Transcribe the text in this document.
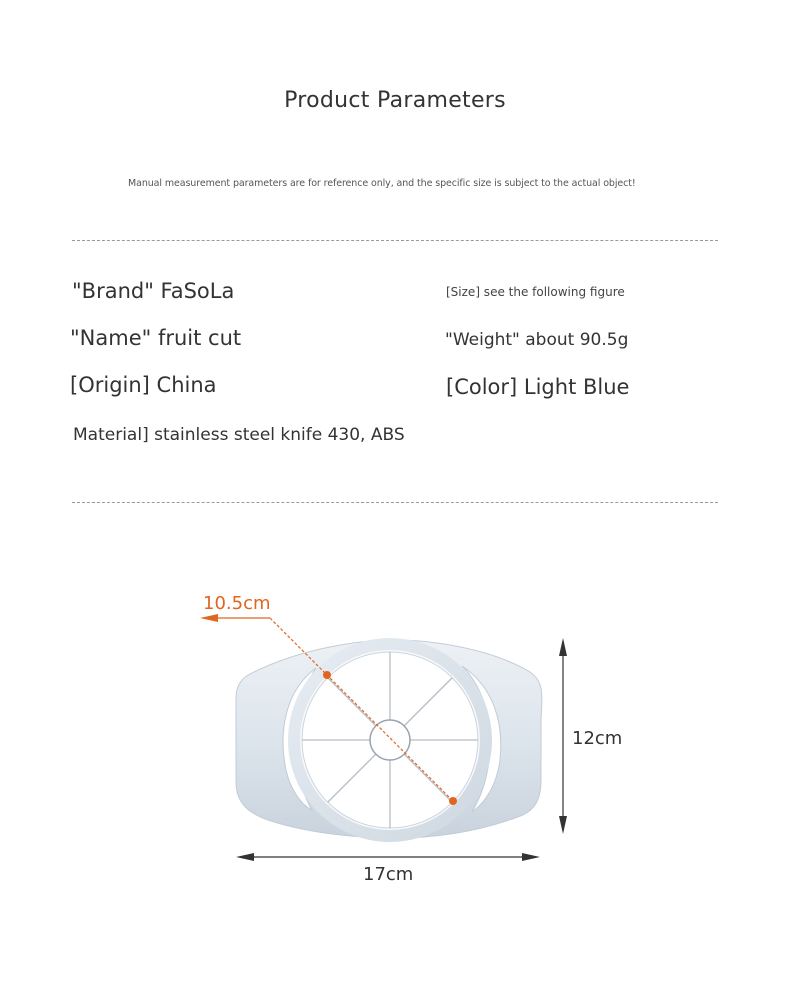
Product Parameters
Manual measurement parameters are for reference only, and the specific size is subject to the actual object!
"Brand" FaSoLa
"Name" fruit cut
[Origin] China
Material] stainless steel knife 430, ABS
[Size] see the following figure
"Weight" about 90.5g
[Color] Light Blue
10.5cm
12cm
17cm
